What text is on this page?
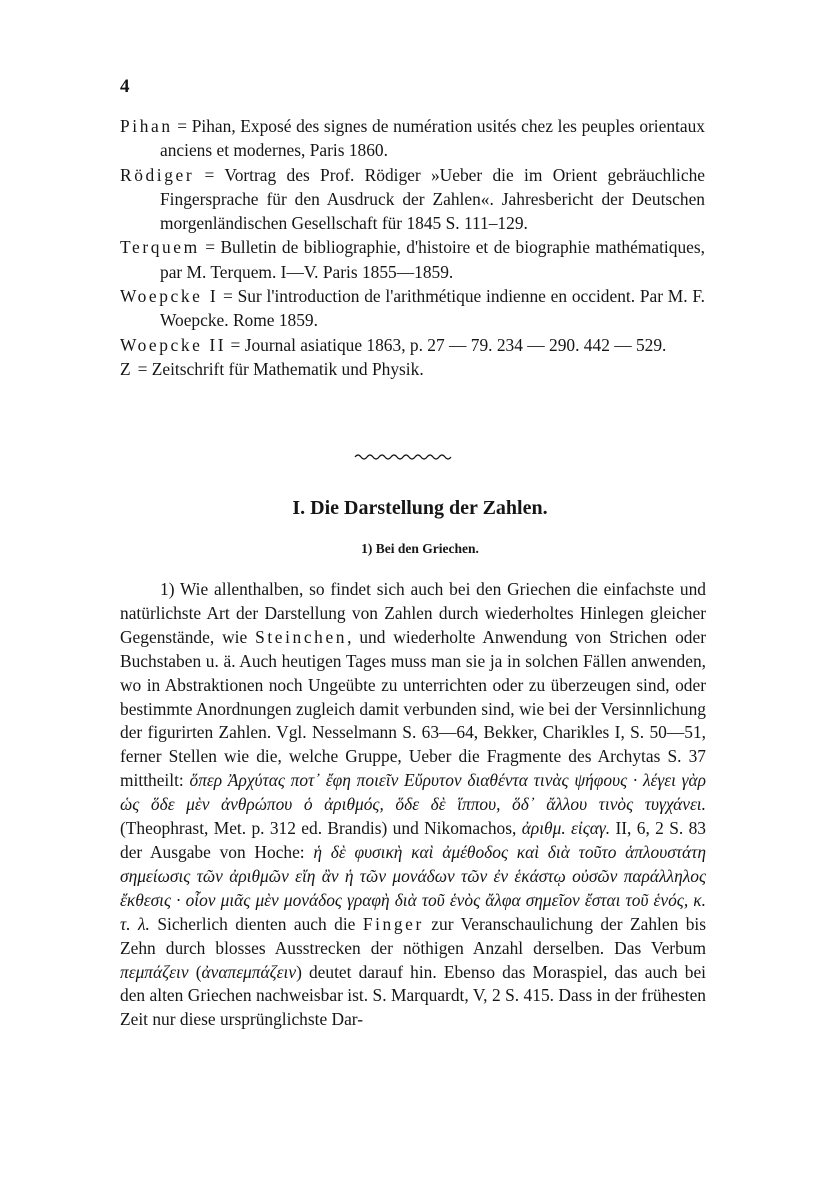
4

Pihan = Pihan, Exposé des signes de numération usités chez les peuples orientaux anciens et modernes, Paris 1860.

Rödiger = Vortrag des Prof. Rödiger »Ueber die im Orient gebräuchliche Fingersprache für den Ausdruck der Zahlen«. Jahresbericht der Deutschen morgenländischen Gesellschaft für 1845 S. 111–129.

Terquem = Bulletin de bibliographie, d'histoire et de biographie mathématiques, par M. Terquem. I—V. Paris 1855—1859.

Woepcke I = Sur l'introduction de l'arithmétique indienne en occident. Par M. F. Woepcke. Rome 1859.

Woepcke II = Journal asiatique 1863, p. 27 — 79. 234 — 290. 442 — 529.

Z = Zeitschrift für Mathematik und Physik.

I. Die Darstellung der Zahlen.
1) Bei den Griechen.

1) Wie allenthalben, so findet sich auch bei den Griechen die einfachste und natürlichste Art der Darstellung von Zahlen durch wiederholtes Hinlegen gleicher Gegenstände, wie Steinchen, und wiederholte Anwendung von Strichen oder Buchstaben u. ä. Auch heutigen Tages muss man sie ja in solchen Fällen anwenden, wo in Abstraktionen noch Ungeübte zu unterrichten oder zu überzeugen sind, oder bestimmte Anordnungen zugleich damit verbunden sind, wie bei der Versinnlichung der figurirten Zahlen. Vgl. Nesselmann S. 63—64, Bekker, Charikles I, S. 50—51, ferner Stellen wie die, welche Gruppe, Ueber die Fragmente des Archytas S. 37 mittheilt: ὅπερ Ἀρχύτας ποτ᾽ ἔφη ποιεῖν Εὔρυτον διαθέντα τινὰς ψήφους · λέγει γὰρ ὡς ὅδε μὲν ἀνθρώπου ὁ ἀριθμός, ὅδε δὲ ἵππου, ὅδ᾽ ἄλλου τινὸς τυγχάνει. (Theophrast, Met. p. 312 ed. Brandis) und Nikomachos, ἀριθμ. εἰςαγ. II, 6, 2 S. 83 der Ausgabe von Hoche: ἡ δὲ φυσικὴ καὶ ἀμέθοδος καὶ διὰ τοῦτο ἁπλουστάτη σημείωσις τῶν ἀριθμῶν εἴη ἂν ἡ τῶν μονάδων τῶν ἐν ἑκάστῳ οὐσῶν παράλληλος ἔκθεσις · οἷον μιᾶς μὲν μονάδος γραφὴ διὰ τοῦ ἑνὸς ἄλφα σημεῖον ἔσται τοῦ ἑνός, κ. τ. λ. Sicherlich dienten auch die Finger zur Veranschaulichung der Zahlen bis Zehn durch blosses Ausstrecken der nöthigen Anzahl derselben. Das Verbum πεμπάζειν (ἀναπεμπάζειν) deutet darauf hin. Ebenso das Moraspiel, das auch bei den alten Griechen nachweisbar ist. S. Marquardt, V, 2 S. 415. Dass in der frühesten Zeit nur diese ursprünglichste Dar-
